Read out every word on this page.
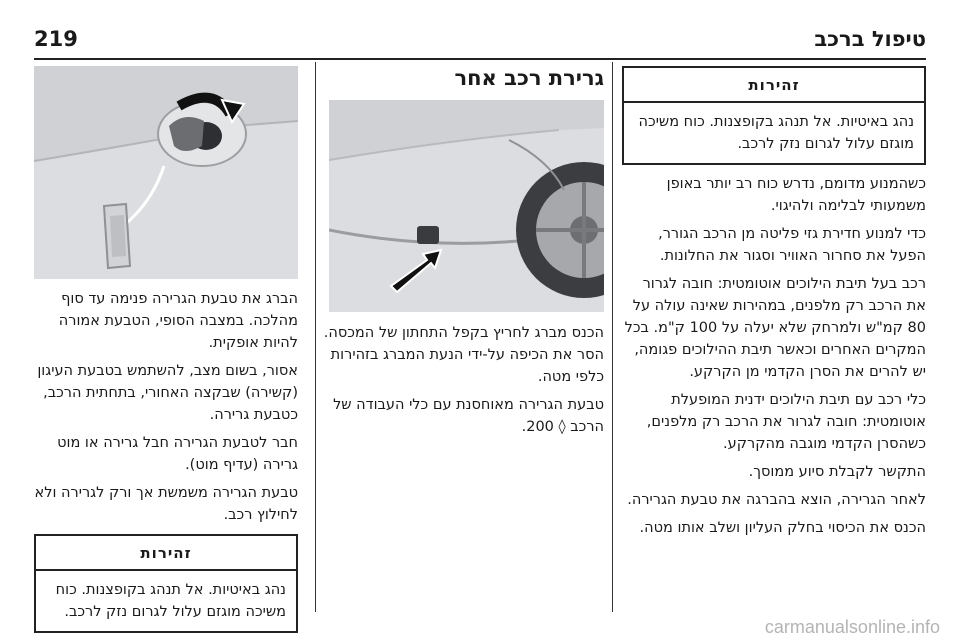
219	טיפול ברכב
זהירות
נהג באיטיות. אל תנהג בקופצנות. כוח משיכה מוגזם עלול לגרום נזק לרכב.

כשהמנוע מדומם, נדרש כוח רב יותר באופן משמעותי לבלימה ולהיגוי.

כדי למנוע חדירת גזי פליטה מן הרכב הגורר, הפעל את סחרור האוויר וסגור את החלונות.

רכב בעל תיבת הילוכים אוטומטית: חובה לגרור את הרכב רק מלפנים, במהירות שאינה עולה על 80 קמ"ש ולמרחק שלא יעלה על 100 ק"מ. בכל המקרים האחרים וכאשר תיבת ההילוכים פגומה, יש להרים את הסרן הקדמי מן הקרקע.

כלי רכב עם תיבת הילוכים ידנית המופעלת אוטומטית: חובה לגרור את הרכב רק מלפנים, כשהסרן הקדמי מוגבה מהקרקע.

התקשר לקבלת סיוע ממוסך.

לאחר הגרירה, הוצא בהברגה את טבעת הגרירה.

הכנס את הכיסוי בחלק העליון ושלב אותו מטה.

גרירת רכב אחר

הכנס מברג לחריץ בקפל התחתון של המכסה. הסר את הכיפה על-ידי הנעת המברג בזהירות כלפי מטה.

טבעת הגרירה מאוחסנת עם כלי העבודה של הרכב ◊ 200.

הברג את טבעת הגרירה פנימה עד סוף מהלכה. במצבה הסופי, הטבעת אמורה להיות אופקית.

אסור, בשום מצב, להשתמש בטבעת העיגון (קשירה) שבקצה האחורי, בתחתית הרכב, כטבעת גרירה.

חבר לטבעת הגרירה חבל גרירה או מוט גרירה (עדיף מוט).

טבעת הגרירה משמשת אך ורק לגרירה ולא לחילוץ רכב.

זהירות
נהג באיטיות. אל תנהג בקופצנות. כוח משיכה מוגזם עלול לגרום נזק לרכב.
carmanualsonline.info
